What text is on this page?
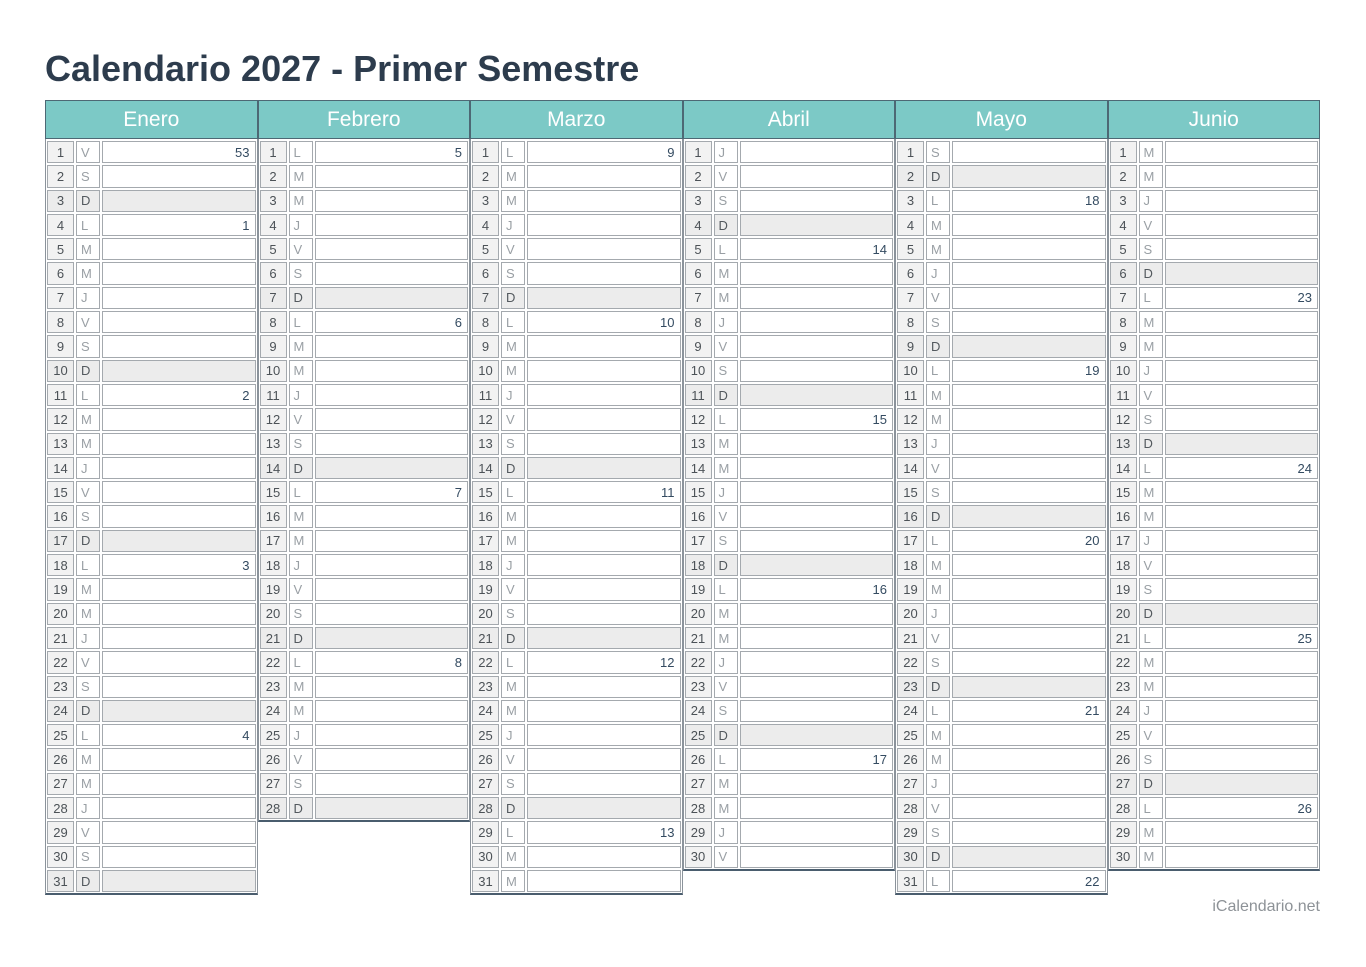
Calendario 2027 - Primer Semestre
Enero
1	V	53
2	S
3	D
4	L	1
5	M
6	M
7	J
8	V
9	S
10	D
11	L	2
12	M
13	M
14	J
15	V
16	S
17	D
18	L	3
19	M
20	M
21	J
22	V
23	S
24	D
25	L	4
26	M
27	M
28	J
29	V
30	S
31	D
Febrero
1	L	5
2	M
3	M
4	J
5	V
6	S
7	D
8	L	6
9	M
10	M
11	J
12	V
13	S
14	D
15	L	7
16	M
17	M
18	J
19	V
20	S
21	D
22	L	8
23	M
24	M
25	J
26	V
27	S
28	D
Marzo
1	L	9
2	M
3	M
4	J
5	V
6	S
7	D
8	L	10
9	M
10	M
11	J
12	V
13	S
14	D
15	L	11
16	M
17	M
18	J
19	V
20	S
21	D
22	L	12
23	M
24	M
25	J
26	V
27	S
28	D
29	L	13
30	M
31	M
Abril
1	J
2	V
3	S
4	D
5	L	14
6	M
7	M
8	J
9	V
10	S
11	D
12	L	15
13	M
14	M
15	J
16	V
17	S
18	D
19	L	16
20	M
21	M
22	J
23	V
24	S
25	D
26	L	17
27	M
28	M
29	J
30	V
Mayo
1	S
2	D
3	L	18
4	M
5	M
6	J
7	V
8	S
9	D
10	L	19
11	M
12	M
13	J
14	V
15	S
16	D
17	L	20
18	M
19	M
20	J
21	V
22	S
23	D
24	L	21
25	M
26	M
27	J
28	V
29	S
30	D
31	L	22
Junio
1	M
2	M
3	J
4	V
5	S
6	D
7	L	23
8	M
9	M
10	J
11	V
12	S
13	D
14	L	24
15	M
16	M
17	J
18	V
19	S
20	D
21	L	25
22	M
23	M
24	J
25	V
26	S
27	D
28	L	26
29	M
30	M
iCalendario.net
